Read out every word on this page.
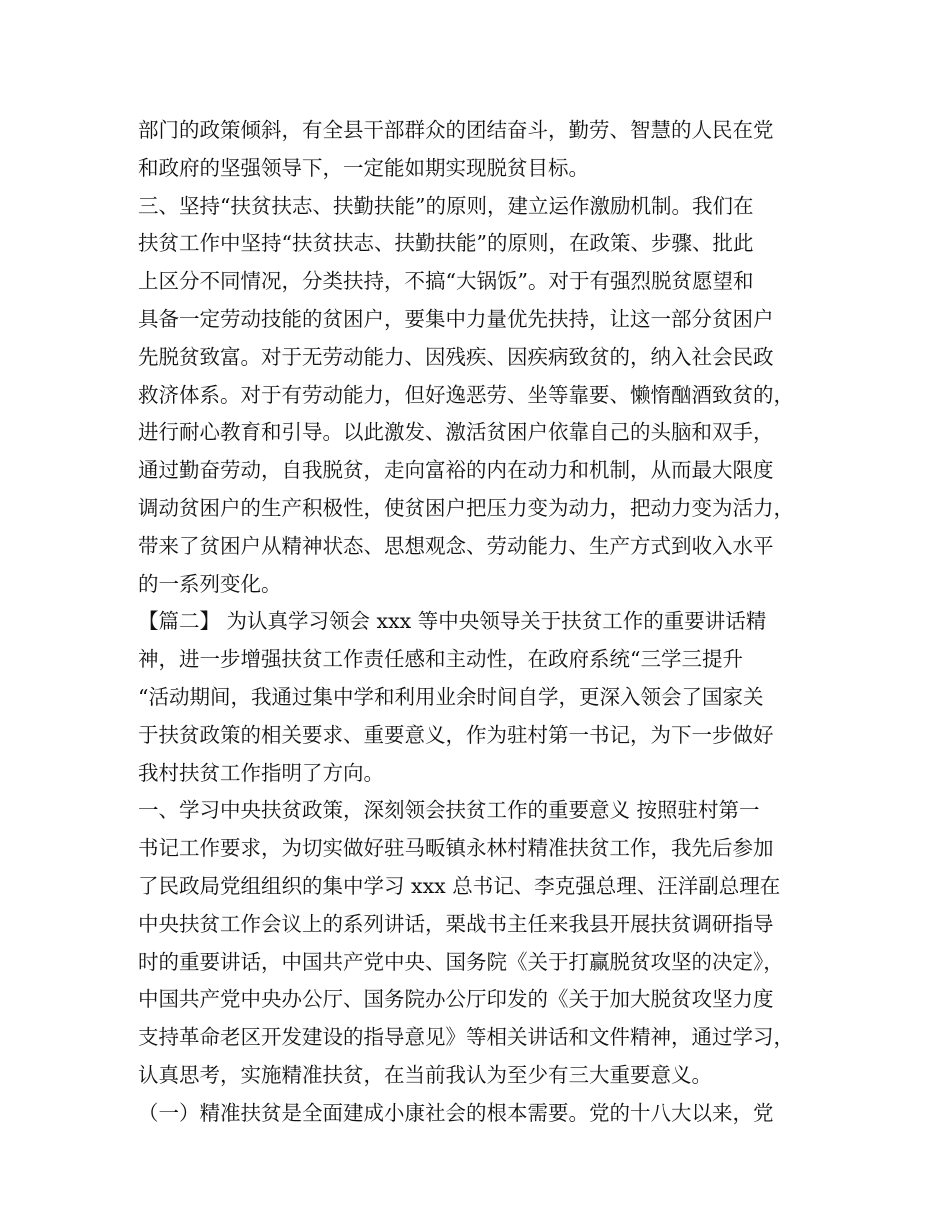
部门的政策倾斜，有全县干部群众的团结奋斗，勤劳、智慧的人民在党
和政府的坚强领导下，一定能如期实现脱贫目标。
三、坚持“扶贫扶志、扶勤扶能”的原则，建立运作激励机制。我们在
扶贫工作中坚持“扶贫扶志、扶勤扶能”的原则，在政策、步骤、批此
上区分不同情况，分类扶持，不搞“大锅饭”。对于有强烈脱贫愿望和
具备一定劳动技能的贫困户，要集中力量优先扶持，让这一部分贫困户
先脱贫致富。对于无劳动能力、因残疾、因疾病致贫的，纳入社会民政
救济体系。对于有劳动能力，但好逸恶劳、坐等靠要、懒惰酗酒致贫的，
进行耐心教育和引导。以此激发、激活贫困户依靠自己的头脑和双手，
通过勤奋劳动，自我脱贫，走向富裕的内在动力和机制，从而最大限度
调动贫困户的生产积极性，使贫困户把压力变为动力，把动力变为活力，
带来了贫困户从精神状态、思想观念、劳动能力、生产方式到收入水平
的一系列变化。
【篇二】 为认真学习领会 xxx 等中央领导关于扶贫工作的重要讲话精
神，进一步增强扶贫工作责任感和主动性，在政府系统“三学三提升
“活动期间，我通过集中学和利用业余时间自学，更深入领会了国家关
于扶贫政策的相关要求、重要意义，作为驻村第一书记，为下一步做好
我村扶贫工作指明了方向。
一、学习中央扶贫政策，深刻领会扶贫工作的重要意义 按照驻村第一
书记工作要求，为切实做好驻马畈镇永林村精准扶贫工作，我先后参加
了民政局党组组织的集中学习 xxx 总书记、李克强总理、汪洋副总理在
中央扶贫工作会议上的系列讲话，栗战书主任来我县开展扶贫调研指导
时的重要讲话，中国共产党中央、国务院《关于打赢脱贫攻坚的决定》，
中国共产党中央办公厅、国务院办公厅印发的《关于加大脱贫攻坚力度
支持革命老区开发建设的指导意见》等相关讲话和文件精神，通过学习，
认真思考，实施精准扶贫，在当前我认为至少有三大重要意义。
（一）精准扶贫是全面建成小康社会的根本需要。党的十八大以来，党
